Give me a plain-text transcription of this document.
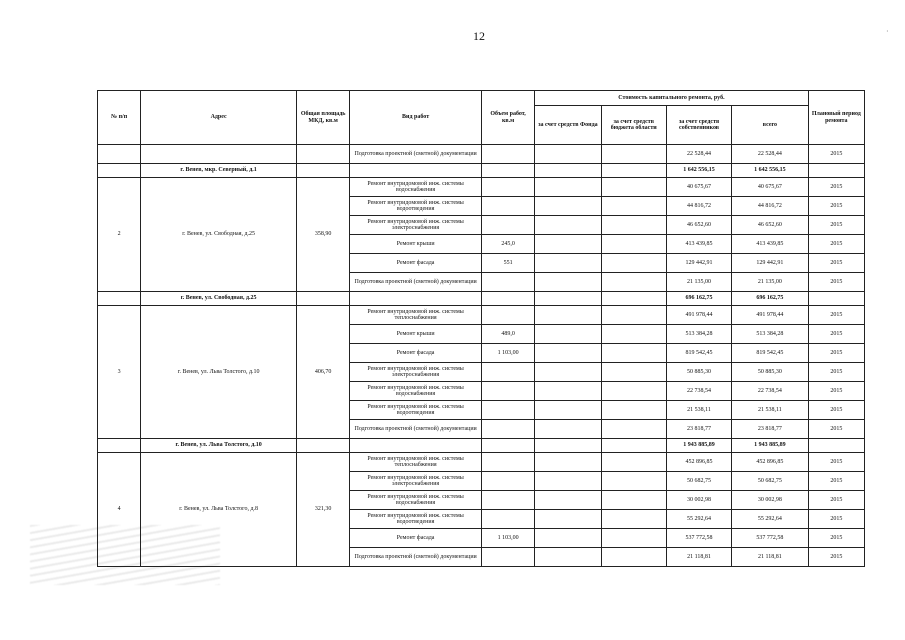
12	·
№ п/п	Адрес	Общая площадь МКД, кв.м	Вид работ	Объем работ, кв.м	Стоимость капитального ремонта, руб.				Плановый период ремонта
					за счет средств Фонда	за счет средств бюджета области	за счет средств собственников	всего	
			Подготовка проектной (сметной) документации				22 528,44	22 528,44	2015
	г. Венев, мкр. Северный, д.1						1 642 556,15	1 642 556,15	
2	г. Венев, ул. Свободная, д.25	358,90	Ремонт внутридомовой инж. системы водоснабжения				40 675,67	40 675,67	2015
			Ремонт внутридомовой инж. системы водоотведения				44 816,72	44 816,72	2015
			Ремонт внутридомовой инж. системы электроснабжения				46 652,60	46 652,60	2015
			Ремонт крыши	245,0			413 439,85	413 439,85	2015
			Ремонт фасада	551			129 442,91	129 442,91	2015
			Подготовка проектной (сметной) документации				21 135,00	21 135,00	2015
	г. Венев, ул. Свободная, д.25						696 162,75	696 162,75	
3	г. Венев, ул. Льва Толстого, д.10	406,70	Ремонт внутридомовой инж. системы теплоснабжения				491 978,44	491 978,44	2015
			Ремонт крыши	489,0			513 384,28	513 384,28	2015
			Ремонт фасада	1 103,00			819 542,45	819 542,45	2015
			Ремонт внутридомовой инж. системы электроснабжения				50 885,30	50 885,30	2015
			Ремонт внутридомовой инж. системы водоснабжения				22 738,54	22 738,54	2015
			Ремонт внутридомовой инж. системы водоотведения				21 538,11	21 538,11	2015
			Подготовка проектной (сметной) документации				23 818,77	23 818,77	2015
	г. Венев, ул. Льва Толстого, д.10						1 943 885,89	1 943 885,89	
4	г. Венев, ул. Льва Толстого, д.8	321,30	Ремонт внутридомовой инж. системы теплоснабжения				452 896,85	452 896,85	2015
			Ремонт внутридомовой инж. системы электроснабжения				50 682,75	50 682,75	2015
			Ремонт внутридомовой инж. системы водоснабжения				30 002,98	30 002,98	2015
			Ремонт внутридомовой инж. системы водоотведения				55 292,64	55 292,64	2015
			Ремонт фасада	1 103,00			537 772,58	537 772,58	2015
			Подготовка проектной (сметной) документации				21 118,81	21 118,81	2015
